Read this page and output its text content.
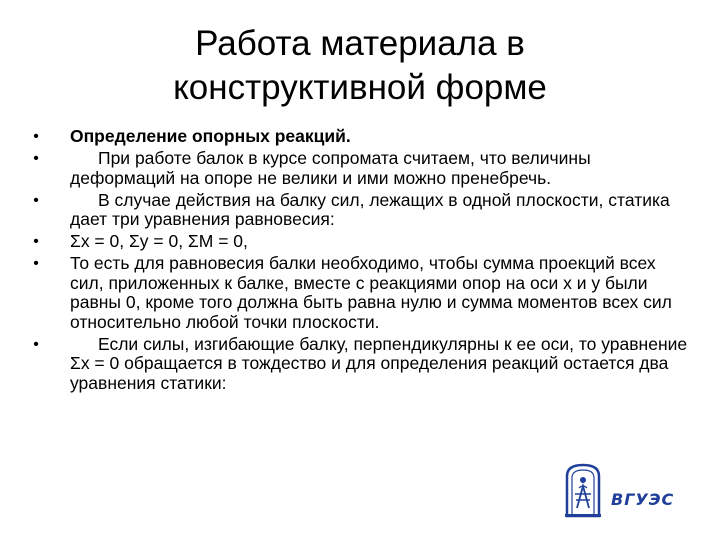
Работа материала в
конструктивной форме
• Определение опорных реакций.
•	При работе балок в курсе сопромата считаем, что величины деформаций на опоре не велики и ими можно пренебречь.
•	В случае действия на балку сил, лежащих в одной плоскости, статика дает три уравнения равновесия:
• Σx = 0, Σy = 0, ΣM = 0,
• То есть для равновесия балки необходимо, чтобы сумма проекций всех сил, приложенных к балке, вместе с реакциями опор на оси x и y были равны 0, кроме того должна быть равна нулю и сумма моментов всех сил относительно любой точки плоскости.
•	Если силы, изгибающие балку, перпендикулярны к ее оси, то уравнение Σx = 0 обращается в тождество и для определения реакций остается два уравнения статики:
ВГУЭС
